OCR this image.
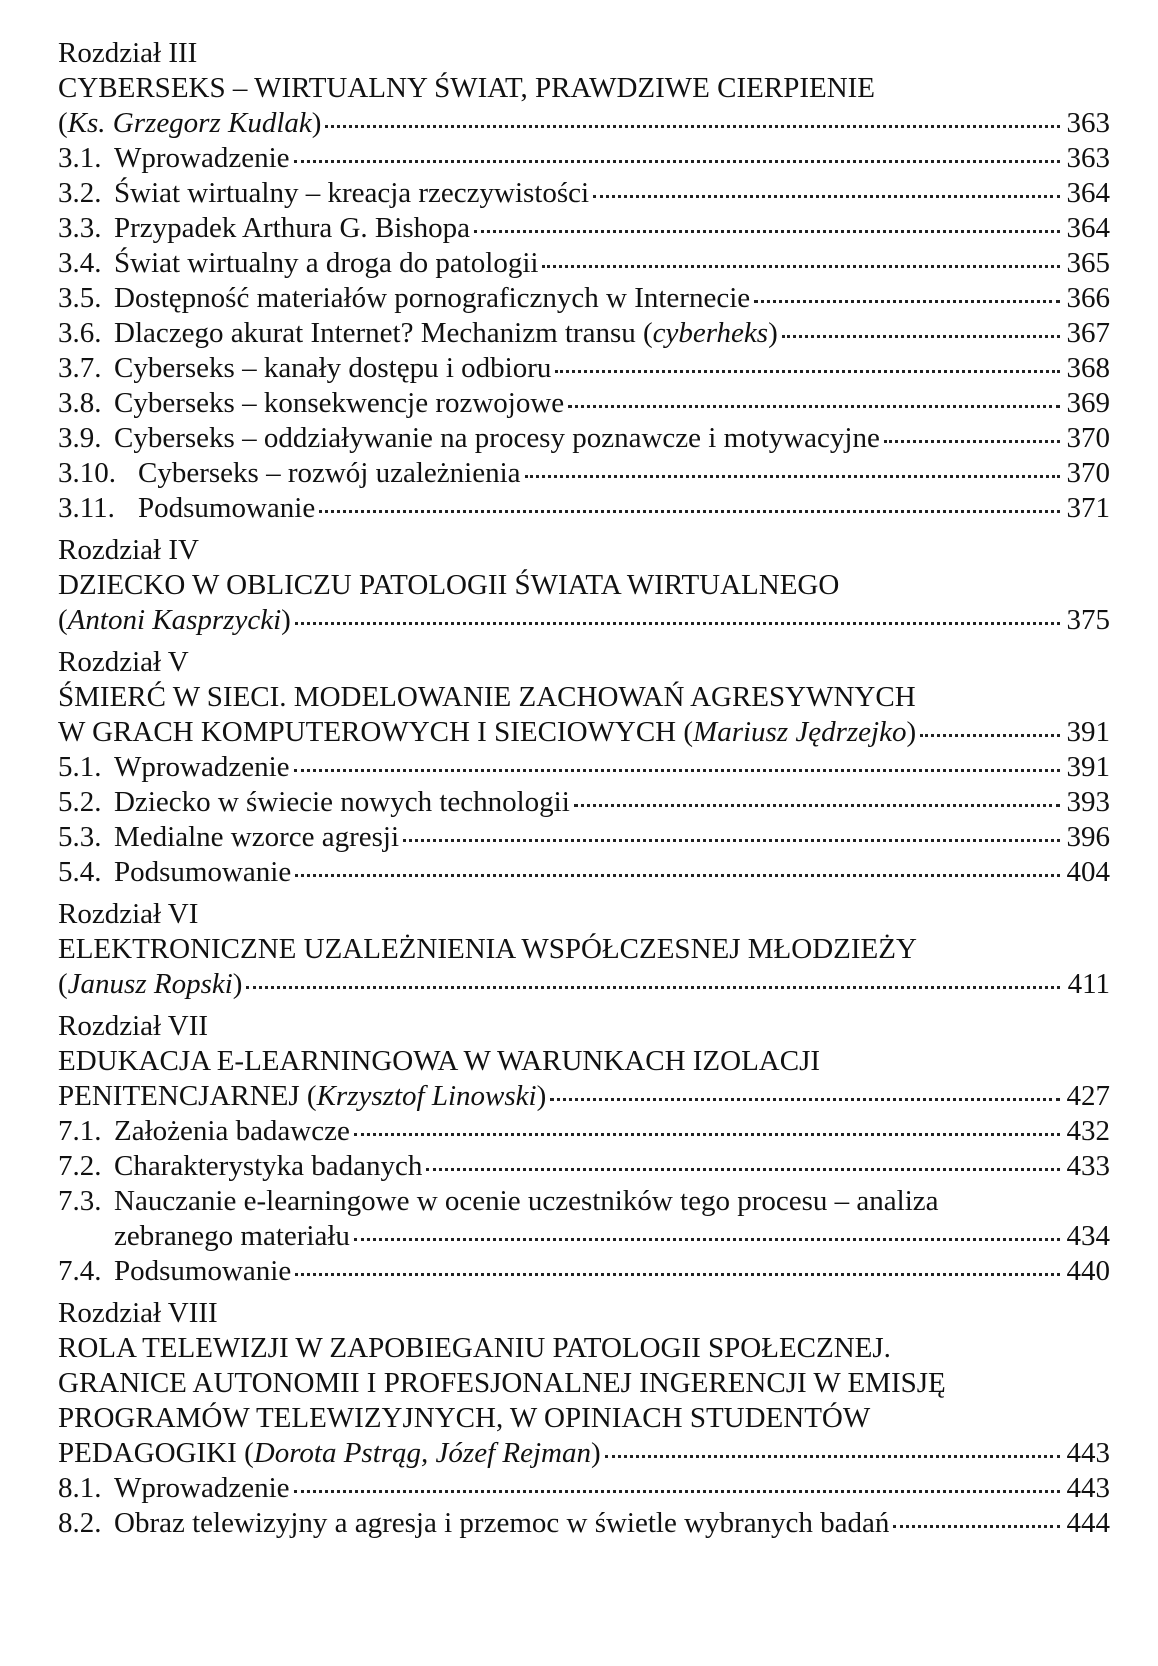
Rozdział III
CYBERSEKS – WIRTUALNY ŚWIAT, PRAWDZIWE CIERPIENIE
(Ks. Grzegorz Kudlak)	363
3.1. Wprowadzenie	363
3.2. Świat wirtualny – kreacja rzeczywistości	364
3.3. Przypadek Arthura G. Bishopa	364
3.4. Świat wirtualny a droga do patologii	365
3.5. Dostępność materiałów pornograficznych w Internecie	366
3.6. Dlaczego akurat Internet? Mechanizm transu (cyberheks)	367
3.7. Cyberseks – kanały dostępu i odbioru	368
3.8. Cyberseks – konsekwencje rozwojowe	369
3.9. Cyberseks – oddziaływanie na procesy poznawcze i motywacyjne	370
3.10. Cyberseks – rozwój uzależnienia	370
3.11. Podsumowanie	371
Rozdział IV
DZIECKO W OBLICZU PATOLOGII ŚWIATA WIRTUALNEGO
(Antoni Kasprzycki)	375
Rozdział V
ŚMIERĆ W SIECI. MODELOWANIE ZACHOWAŃ AGRESYWNYCH
W GRACH KOMPUTEROWYCH I SIECIOWYCH (Mariusz Jędrzejko)	391
5.1. Wprowadzenie	391
5.2. Dziecko w świecie nowych technologii	393
5.3. Medialne wzorce agresji	396
5.4. Podsumowanie	404
Rozdział VI
ELEKTRONICZNE UZALEŻNIENIA WSPÓŁCZESNEJ MŁODZIEŻY
(Janusz Ropski)	411
Rozdział VII
EDUKACJA E-LEARNINGOWA W WARUNKACH IZOLACJI
PENITENCJARNEJ (Krzysztof Linowski)	427
7.1. Założenia badawcze	432
7.2. Charakterystyka badanych	433
7.3. Nauczanie e-learningowe w ocenie uczestników tego procesu – analiza
zebranego materiału	434
7.4. Podsumowanie	440
Rozdział VIII
ROLA TELEWIZJI W ZAPOBIEGANIU PATOLOGII SPOŁECZNEJ.
GRANICE AUTONOMII I PROFESJONALNEJ INGERENCJI W EMISJĘ
PROGRAMÓW TELEWIZYJNYCH, W OPINIACH STUDENTÓW
PEDAGOGIKI (Dorota Pstrąg, Józef Rejman)	443
8.1. Wprowadzenie	443
8.2. Obraz telewizyjny a agresja i przemoc w świetle wybranych badań	444
